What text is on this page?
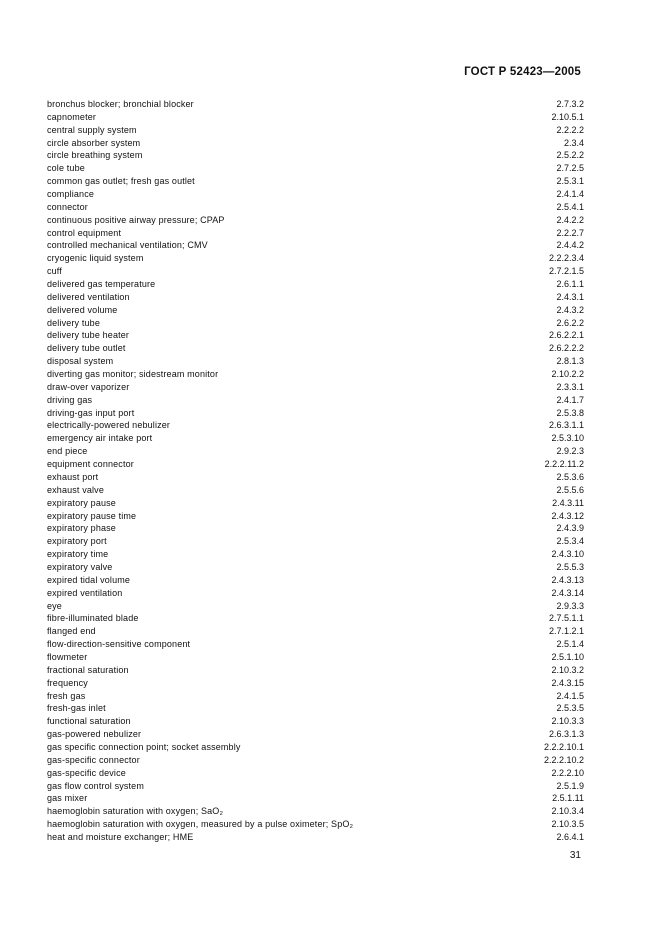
ГОСТ Р 52423—2005
bronchus blocker; bronchial blocker	2.7.3.2
capnometer	2.10.5.1
central supply system	2.2.2.2
circle absorber system	2.3.4
circle breathing system	2.5.2.2
cole tube	2.7.2.5
common gas outlet; fresh gas outlet	2.5.3.1
compliance	2.4.1.4
connector	2.5.4.1
continuous positive airway pressure; CPAP	2.4.2.2
control equipment	2.2.2.7
controlled mechanical ventilation; CMV	2.4.4.2
cryogenic liquid system	2.2.2.3.4
cuff	2.7.2.1.5
delivered gas temperature	2.6.1.1
delivered ventilation	2.4.3.1
delivered volume	2.4.3.2
delivery tube	2.6.2.2
delivery tube heater	2.6.2.2.1
delivery tube outlet	2.6.2.2.2
disposal system	2.8.1.3
diverting gas monitor; sidestream monitor	2.10.2.2
draw-over vaporizer	2.3.3.1
driving gas	2.4.1.7
driving-gas input port	2.5.3.8
electrically-powered nebulizer	2.6.3.1.1
emergency air intake port	2.5.3.10
end piece	2.9.2.3
equipment connector	2.2.2.11.2
exhaust port	2.5.3.6
exhaust valve	2.5.5.6
expiratory pause	2.4.3.11
expiratory pause time	2.4.3.12
expiratory phase	2.4.3.9
expiratory port	2.5.3.4
expiratory time	2.4.3.10
expiratory valve	2.5.5.3
expired tidal volume	2.4.3.13
expired ventilation	2.4.3.14
eye	2.9.3.3
fibre-illuminated blade	2.7.5.1.1
flanged end	2.7.1.2.1
flow-direction-sensitive component	2.5.1.4
flowmeter	2.5.1.10
fractional saturation	2.10.3.2
frequency	2.4.3.15
fresh gas	2.4.1.5
fresh-gas inlet	2.5.3.5
functional saturation	2.10.3.3
gas-powered nebulizer	2.6.3.1.3
gas specific connection point; socket assembly	2.2.2.10.1
gas-specific connector	2.2.2.10.2
gas-specific device	2.2.2.10
gas flow control system	2.5.1.9
gas mixer	2.5.1.11
haemoglobin saturation with oxygen; SaO₂	2.10.3.4
haemoglobin saturation with oxygen, measured by a pulse oximeter; SpO₂	2.10.3.5
heat and moisture exchanger; HME	2.6.4.1
31
